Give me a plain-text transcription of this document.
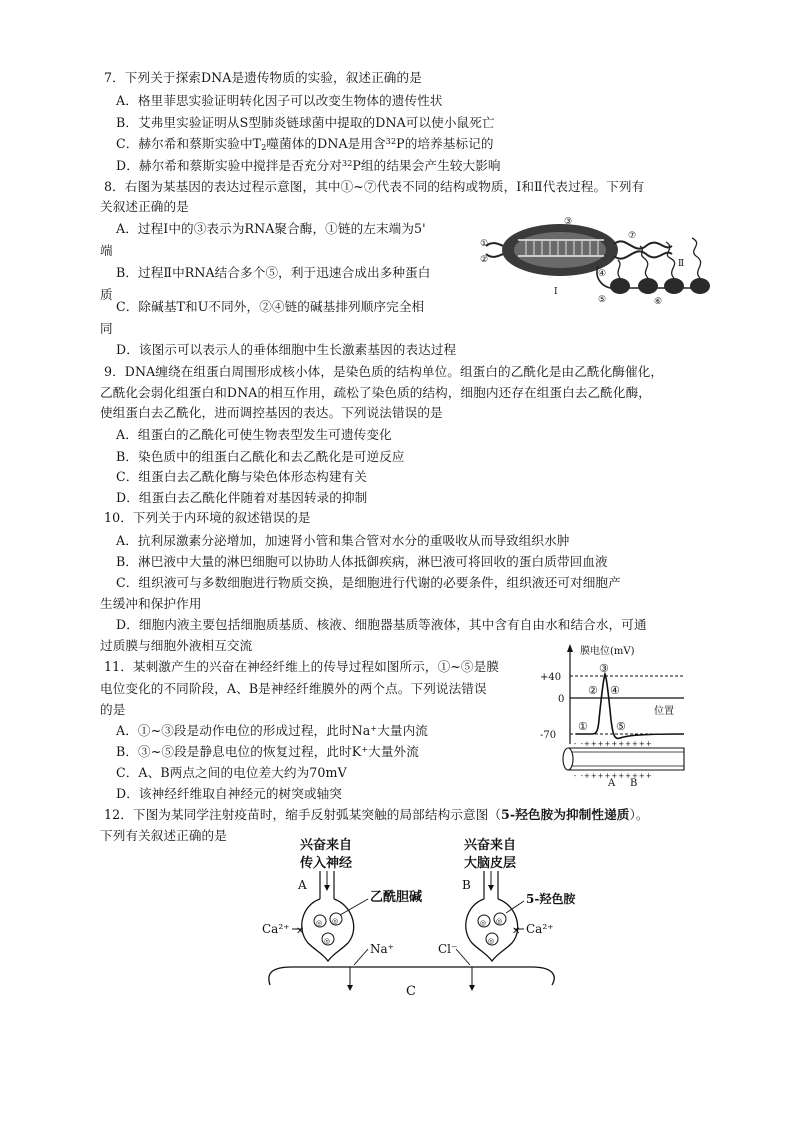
7．下列关于探索DNA是遗传物质的实验，叙述正确的是
A．格里菲思实验证明转化因子可以改变生物体的遗传性状
B．艾弗里实验证明从S型肺炎链球菌中提取的DNA可以使小鼠死亡
C．赫尔希和蔡斯实验中$T_2$噬菌体的DNA是用含$^{32}$P的培养基标记的
D．赫尔希和蔡斯实验中搅拌是否充分对$^{32}$P组的结果会产生较大影响
8．右图为某基因的表达过程示意图，其中①~⑦代表不同的结构或物质，Ⅰ和Ⅱ代表过程。下列有
关叙述正确的是
A．过程Ⅰ中的③表示为RNA聚合酶，①链的左末端为5'
端
B．过程Ⅱ中RNA结合多个⑤，利于迅速合成出多种蛋白
质
C．除碱基T和U不同外，②④链的碱基排列顺序完全相
同
D．该图示可以表示人的垂体细胞中生长激素基因的表达过程
①
②
③
④
⑤	⑥
⑦
Ⅰ
Ⅱ
9．DNA缠绕在组蛋白周围形成核小体，是染色质的结构单位。组蛋白的乙酰化是由乙酰化酶催化，
乙酰化会弱化组蛋白和DNA的相互作用，疏松了染色质的结构，细胞内还存在组蛋白去乙酰化酶，
使组蛋白去乙酰化，进而调控基因的表达。下列说法错误的是
A．组蛋白的乙酰化可使生物表型发生可遗传变化
B．染色质中的组蛋白乙酰化和去乙酰化是可逆反应
C．组蛋白去乙酰化酶与染色体形态构建有关
D．组蛋白去乙酰化伴随着对基因转录的抑制
10．下列关于内环境的叙述错误的是
A．抗利尿激素分泌增加，加速肾小管和集合管对水分的重吸收从而导致组织水肿
B．淋巴液中大量的淋巴细胞可以协助人体抵御疾病，淋巴液可将回收的蛋白质带回血液
C．组织液可与多数细胞进行物质交换，是细胞进行代谢的必要条件，组织液还可对细胞产
生缓冲和保护作用
D．细胞内液主要包括细胞质基质、核液、细胞器基质等液体，其中含有自由水和结合水，可通
过质膜与细胞外液相互交流
11．某刺激产生的兴奋在神经纤维上的传导过程如图所示，①~⑤是膜
电位变化的不同阶段，A、B是神经纤维膜外的两个点。下列说法错误
的是
A．①~③段是动作电位的形成过程，此时Na+大量内流
B．③~⑤段是静息电位的恢复过程，此时K+大量外流
C．A、B两点之间的电位差大约为70mV
D．该神经纤维取自神经元的树突或轴突
+40
0
-70
膜电位(mV)
位置
①
②
③
④
⑤
- -++++++++++
- -++++++++++
A B
12．下图为某同学注射疫苗时，缩手反射弧某突触的局部结构示意图（5-羟色胺为抑制性递质）。
下列有关叙述正确的是
兴奋来自
传入神经
兴奋来自
大脑皮层
A
◎ ◎
◎
乙酰胆碱
Ca²⁺ ✕
Na⁺
B
◎ ◎
◎
5-羟色胺
Ca²⁺
✕
Cl⁻
C
